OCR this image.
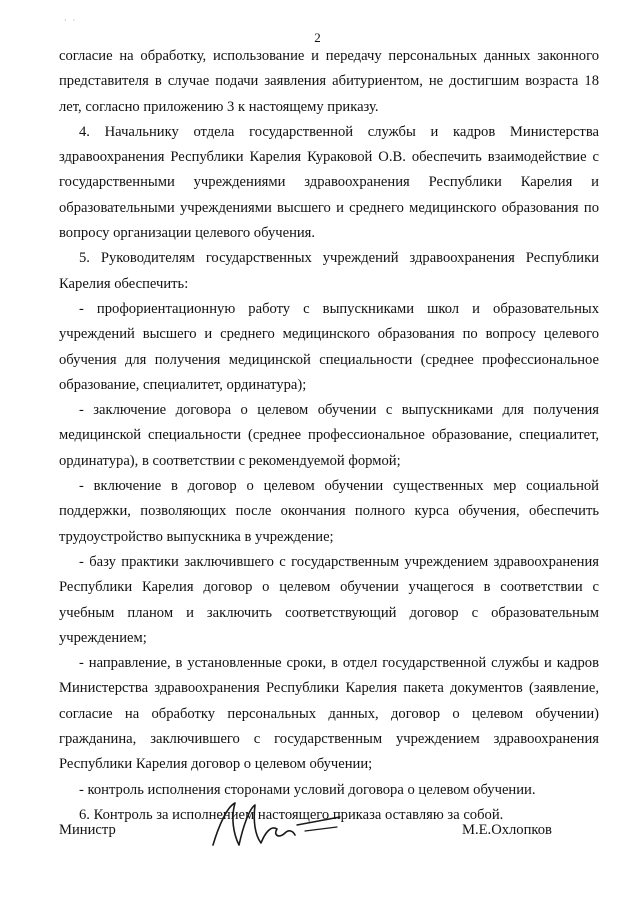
· ·
2

согласие на обработку, использование и передачу персональных данных законного представителя в случае подачи заявления абитуриентом, не достигшим возраста 18 лет, согласно приложению 3 к настоящему приказу.

4. Начальнику отдела государственной службы и кадров Министерства здравоохранения Республики Карелия Кураковой О.В. обеспечить взаимодействие с государственными учреждениями здравоохранения Республики Карелия и образовательными учреждениями высшего и среднего медицинского образования по вопросу организации целевого обучения.

5. Руководителям государственных учреждений здравоохранения Республики Карелия обеспечить:

- профориентационную работу с выпускниками школ и образовательных учреждений высшего и среднего медицинского образования по вопросу целевого обучения для получения медицинской специальности (среднее профессиональное образование, специалитет, ординатура);

- заключение договора о целевом обучении с выпускниками для получения медицинской специальности (среднее профессиональное образование, специалитет, ординатура), в соответствии с рекомендуемой формой;

- включение в договор о целевом обучении существенных мер социальной поддержки, позволяющих после окончания полного курса обучения, обеспечить трудоустройство выпускника в учреждение;

- базу практики заключившего с государственным учреждением здравоохранения Республики Карелия договор о целевом обучении учащегося в соответствии с учебным планом и заключить соответствующий договор с образовательным учреждением;

- направление, в установленные сроки, в отдел государственной службы и кадров Министерства здравоохранения Республики Карелия пакета документов (заявление, согласие на обработку персональных данных, договор о целевом обучении) гражданина, заключившего с государственным учреждением здравоохранения Республики Карелия договор о целевом обучении;

- контроль исполнения сторонами условий договора о целевом обучении.

6. Контроль за исполнением настоящего приказа оставляю за собой.

Министр	М.Е.Охлопков
